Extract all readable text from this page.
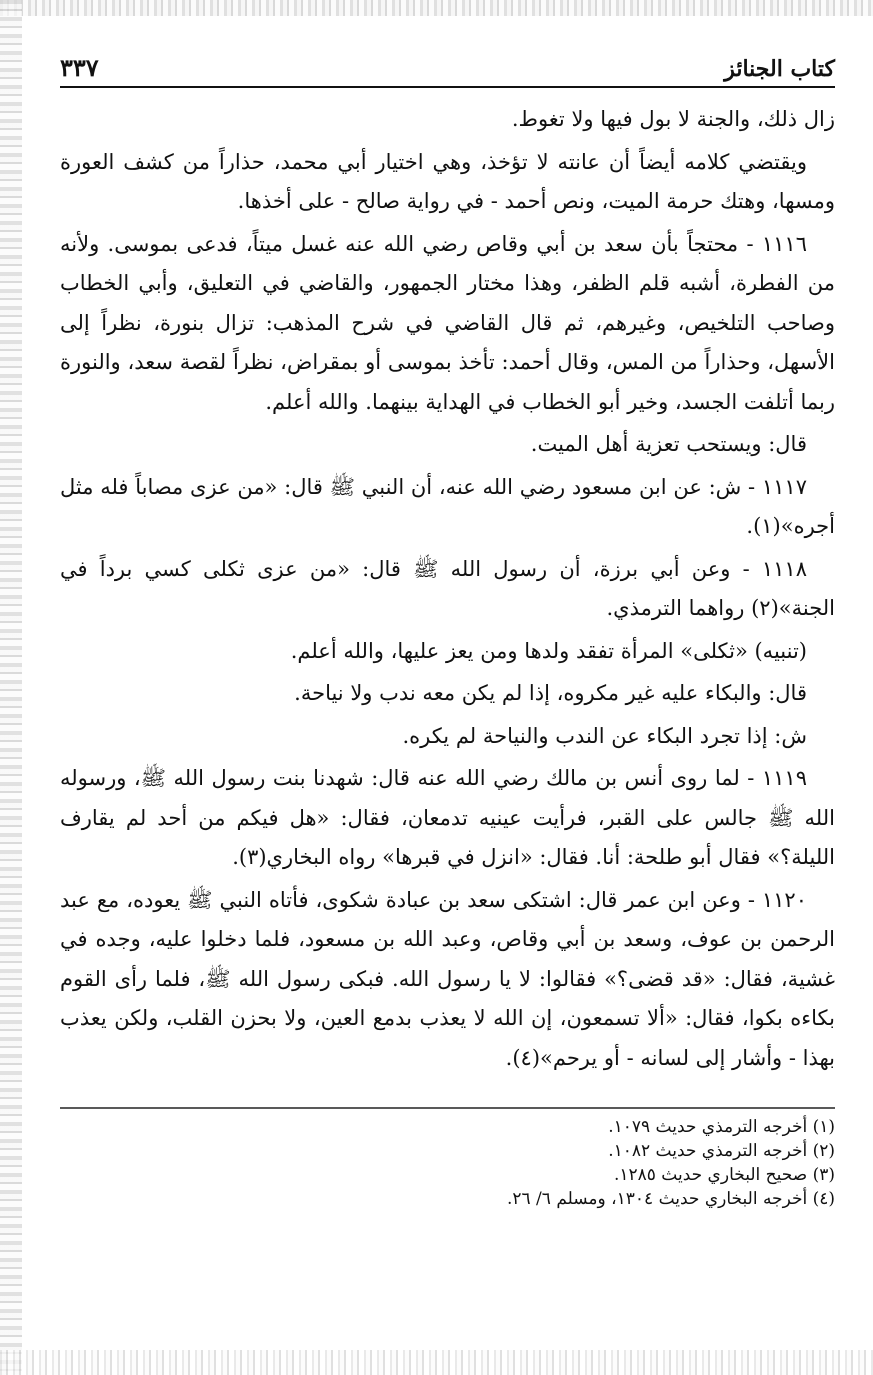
كتاب الجنائز
٣٣٧

زال ذلك، والجنة لا بول فيها ولا تغوط.

ويقتضي كلامه أيضاً أن عانته لا تؤخذ، وهي اختيار أبي محمد، حذاراً من كشف العورة ومسها، وهتك حرمة الميت، ونص أحمد - في رواية صالح - على أخذها.

١١١٦ - محتجاً بأن سعد بن أبي وقاص رضي الله عنه غسل ميتاً، فدعى بموسى. ولأنه من الفطرة، أشبه قلم الظفر، وهذا مختار الجمهور، والقاضي في التعليق، وأبي الخطاب وصاحب التلخيص، وغيرهم، ثم قال القاضي في شرح المذهب: تزال بنورة، نظراً إلى الأسهل، وحذاراً من المس، وقال أحمد: تأخذ بموسى أو بمقراض، نظراً لقصة سعد، والنورة ربما أتلفت الجسد، وخير أبو الخطاب في الهداية بينهما. والله أعلم.

قال: ويستحب تعزية أهل الميت.

١١١٧ - ش: عن ابن مسعود رضي الله عنه، أن النبي ﷺ قال: «من عزى مصاباً فله مثل أجره»(١).

١١١٨ - وعن أبي برزة، أن رسول الله ﷺ قال: «من عزى ثكلى كسي برداً في الجنة»(٢) رواهما الترمذي.

(تنبيه) «ثكلى» المرأة تفقد ولدها ومن يعز عليها، والله أعلم.

قال: والبكاء عليه غير مكروه، إذا لم يكن معه ندب ولا نياحة.

ش: إذا تجرد البكاء عن الندب والنياحة لم يكره.

١١١٩ - لما روى أنس بن مالك رضي الله عنه قال: شهدنا بنت رسول الله ﷺ، ورسوله الله ﷺ جالس على القبر، فرأيت عينيه تدمعان، فقال: «هل فيكم من أحد لم يقارف الليلة؟» فقال أبو طلحة: أنا. فقال: «انزل في قبرها» رواه البخاري(٣).

١١٢٠ - وعن ابن عمر قال: اشتكى سعد بن عبادة شكوى، فأتاه النبي ﷺ يعوده، مع عبد الرحمن بن عوف، وسعد بن أبي وقاص، وعبد الله بن مسعود، فلما دخلوا عليه، وجده في غشية، فقال: «قد قضى؟» فقالوا: لا يا رسول الله. فبكى رسول الله ﷺ، فلما رأى القوم بكاءه بكوا، فقال: «ألا تسمعون، إن الله لا يعذب بدمع العين، ولا بحزن القلب، ولكن يعذب بهذا - وأشار إلى لسانه - أو يرحم»(٤).

(١) أخرجه الترمذي حديث ١٠٧٩.

(٢) أخرجه الترمذي حديث ١٠٨٢.

(٣) صحيح البخاري حديث ١٢٨٥.

(٤) أخرجه البخاري حديث ١٣٠٤، ومسلم ٦/ ٢٦.
